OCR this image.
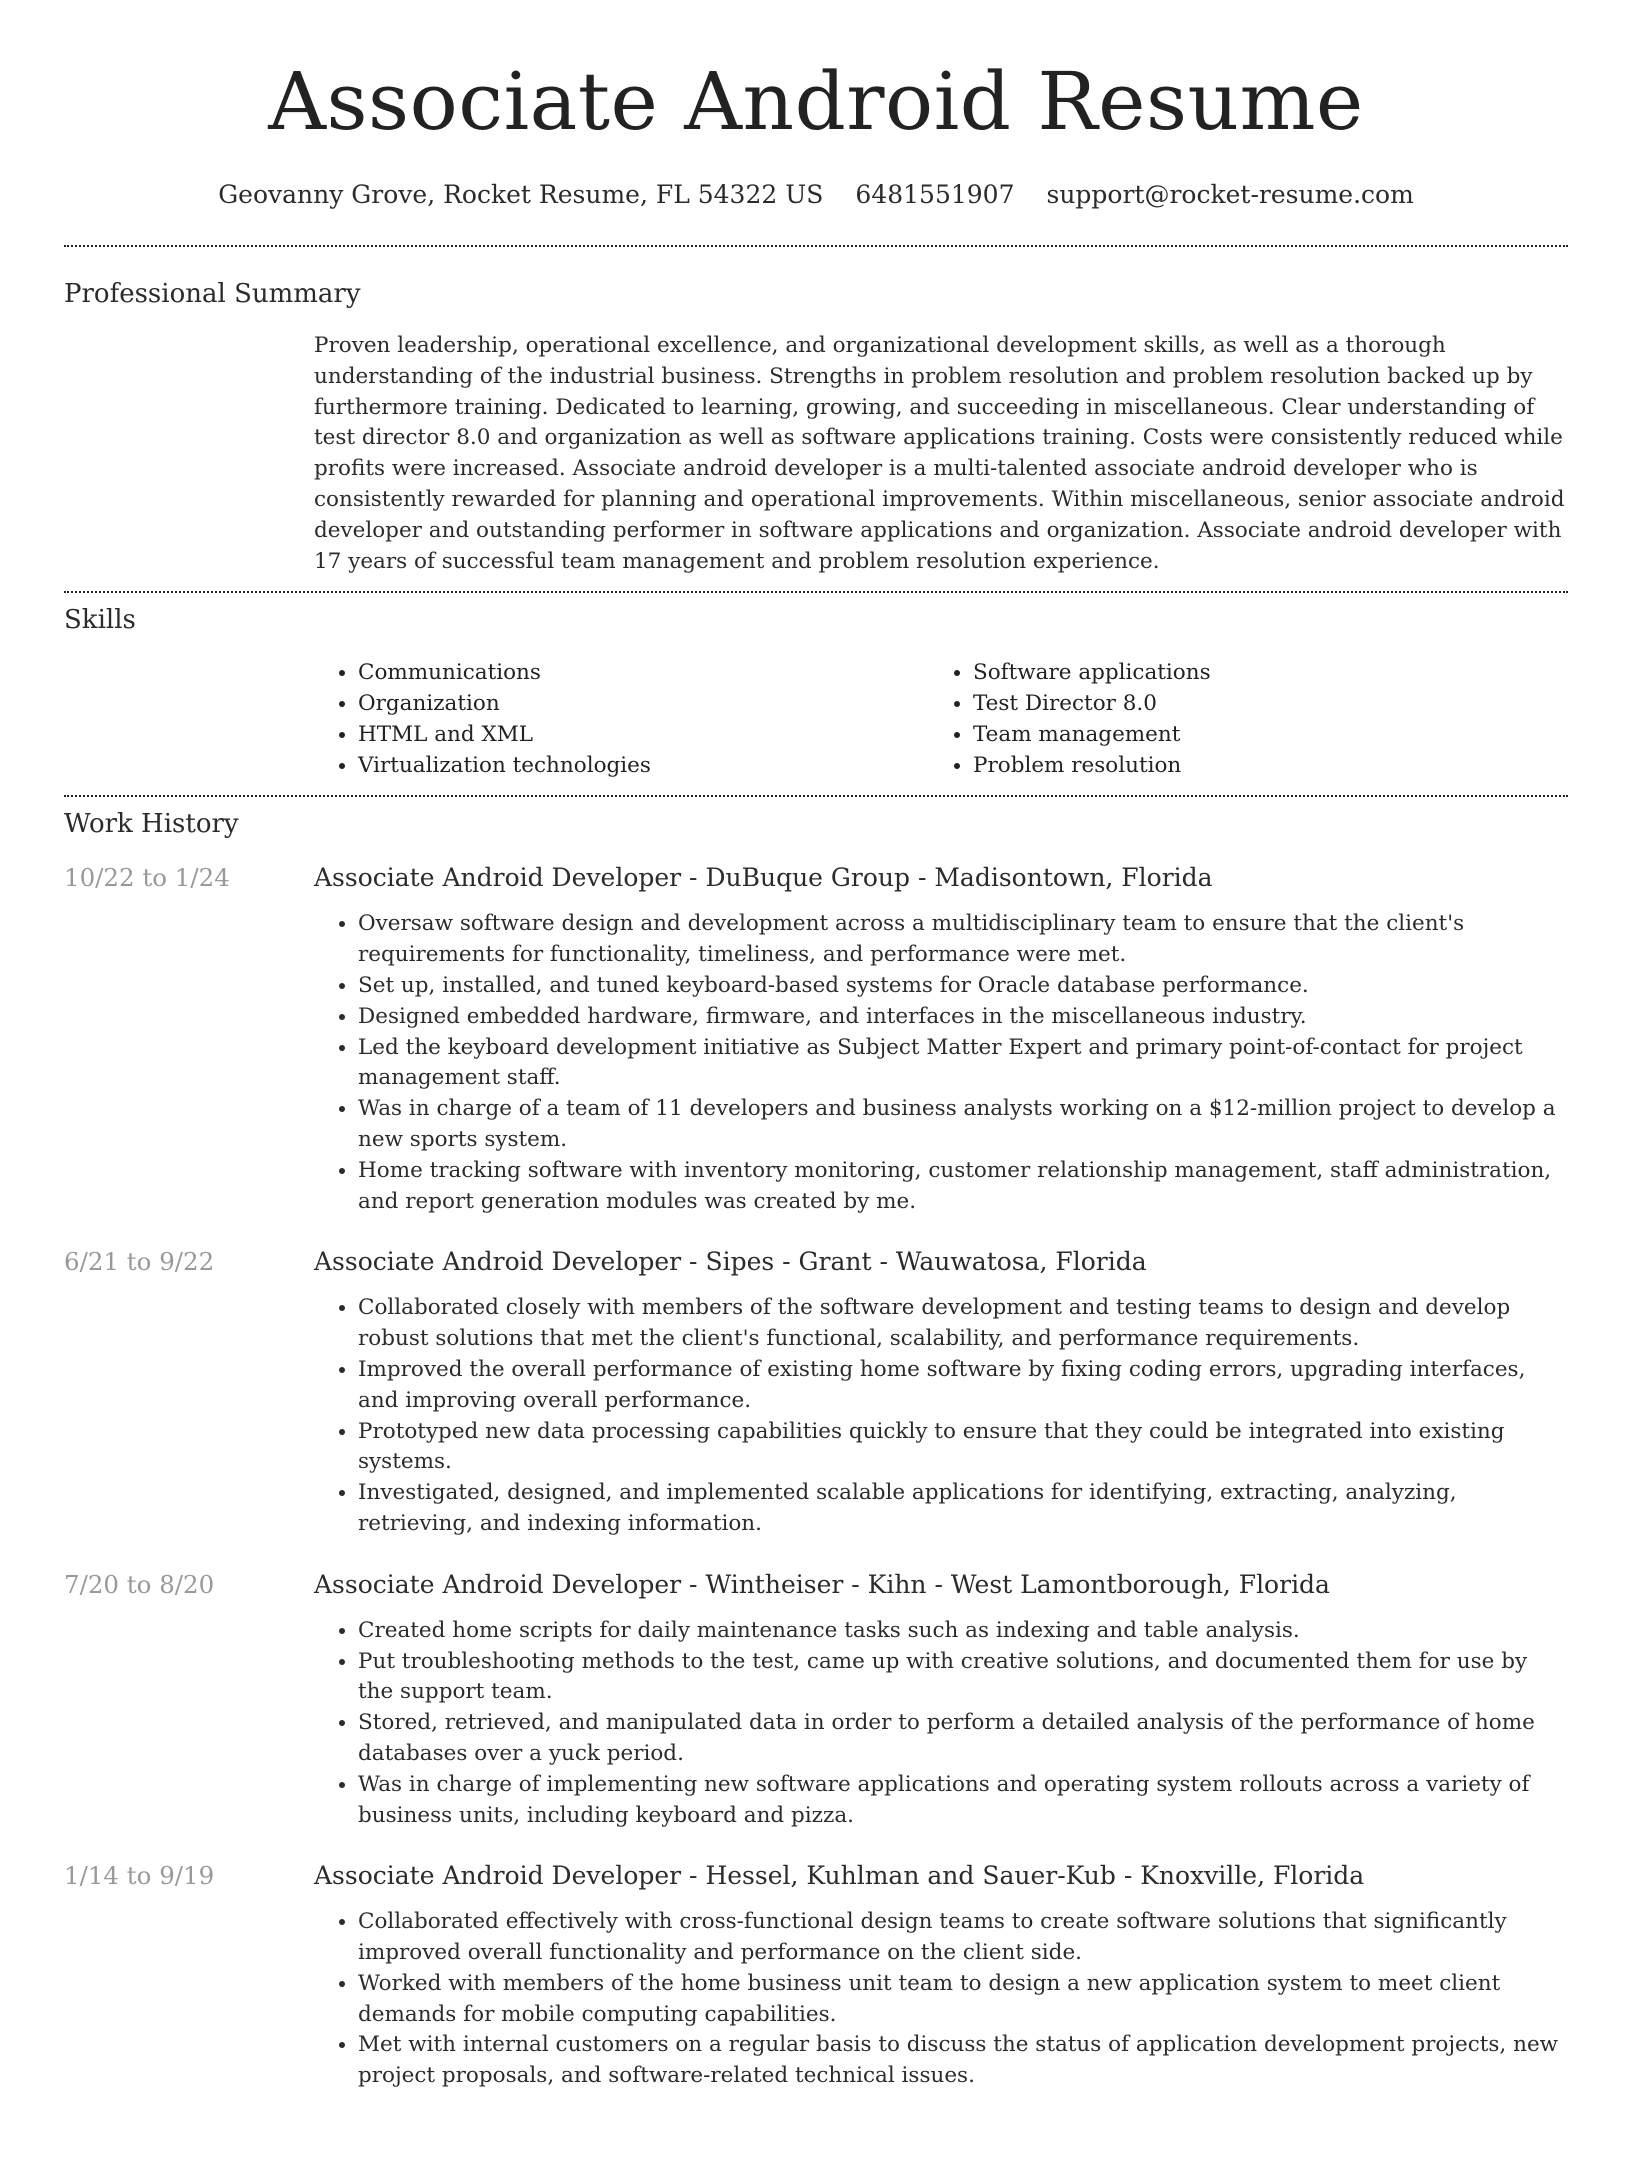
Associate Android Resume
Geovanny Grove, Rocket Resume, FL 54322 US 6481551907 support@rocket-resume.com
Professional Summary
Proven leadership, operational excellence, and organizational development skills, as well as a thorough understanding of the industrial business. Strengths in problem resolution and problem resolution backed up by furthermore training. Dedicated to learning, growing, and succeeding in miscellaneous. Clear understanding of test director 8.0 and organization as well as software applications training. Costs were consistently reduced while profits were increased. Associate android developer is a multi-talented associate android developer who is consistently rewarded for planning and operational improvements. Within miscellaneous, senior associate android developer and outstanding performer in software applications and organization. Associate android developer with 17 years of successful team management and problem resolution experience.
Skills
• Communications
• Organization
• HTML and XML
• Virtualization technologies
• Software applications
• Test Director 8.0
• Team management
• Problem resolution
Work History
10/22 to 1/24	Associate Android Developer - DuBuque Group - Madisontown, Florida
• Oversaw software design and development across a multidisciplinary team to ensure that the client's requirements for functionality, timeliness, and performance were met.
• Set up, installed, and tuned keyboard-based systems for Oracle database performance.
• Designed embedded hardware, firmware, and interfaces in the miscellaneous industry.
• Led the keyboard development initiative as Subject Matter Expert and primary point-of-contact for project management staff.
• Was in charge of a team of 11 developers and business analysts working on a $12-million project to develop a new sports system.
• Home tracking software with inventory monitoring, customer relationship management, staff administration, and report generation modules was created by me.
6/21 to 9/22	Associate Android Developer - Sipes - Grant - Wauwatosa, Florida
• Collaborated closely with members of the software development and testing teams to design and develop robust solutions that met the client's functional, scalability, and performance requirements.
• Improved the overall performance of existing home software by fixing coding errors, upgrading interfaces, and improving overall performance.
• Prototyped new data processing capabilities quickly to ensure that they could be integrated into existing systems.
• Investigated, designed, and implemented scalable applications for identifying, extracting, analyzing, retrieving, and indexing information.
7/20 to 8/20	Associate Android Developer - Wintheiser - Kihn - West Lamontborough, Florida
• Created home scripts for daily maintenance tasks such as indexing and table analysis.
• Put troubleshooting methods to the test, came up with creative solutions, and documented them for use by the support team.
• Stored, retrieved, and manipulated data in order to perform a detailed analysis of the performance of home databases over a yuck period.
• Was in charge of implementing new software applications and operating system rollouts across a variety of business units, including keyboard and pizza.
1/14 to 9/19	Associate Android Developer - Hessel, Kuhlman and Sauer-Kub - Knoxville, Florida
• Collaborated effectively with cross-functional design teams to create software solutions that significantly improved overall functionality and performance on the client side.
• Worked with members of the home business unit team to design a new application system to meet client demands for mobile computing capabilities.
• Met with internal customers on a regular basis to discuss the status of application development projects, new project proposals, and software-related technical issues.
